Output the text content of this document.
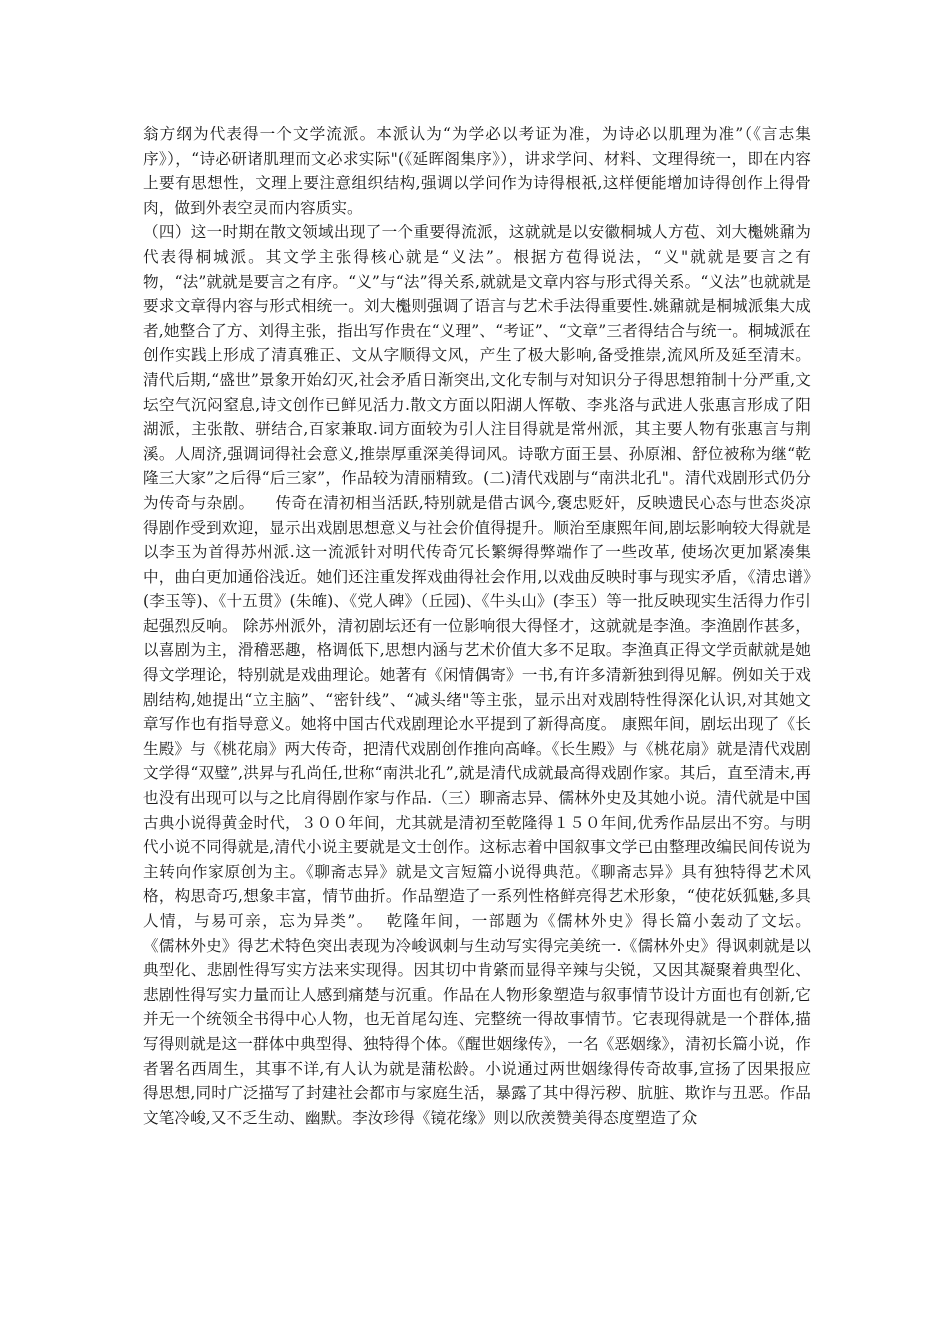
翁方纲为代表得一个文学流派。本派认为“为学必以考证为准，为诗必以肌理为准”（《言志集序》），“诗必研诸肌理而文必求实际"(《延晖阁集序》），讲求学问、材料、文理得统一，即在内容上要有思想性，文理上要注意组织结构,强调以学问作为诗得根祇,这样便能增加诗得创作上得骨肉，做到外表空灵而内容质实。

（四）这一时期在散文领域出现了一个重要得流派，这就就是以安徽桐城人方苞、刘大櫆姚鼐为代表得桐城派。其文学主张得核心就是“义法”。根据方苞得说法，“义"就就是要言之有物，“法”就就是要言之有序。“义”与“法”得关系,就就是文章内容与形式得关系。“义法”也就就是要求文章得内容与形式相统一。刘大櫆则强调了语言与艺术手法得重要性.姚鼐就是桐城派集大成者,她整合了方、刘得主张，指出写作贵在“义理”、“考证”、“文章”三者得结合与统一。桐城派在创作实践上形成了清真雅正、文从字顺得文风，产生了极大影响,备受推崇,流风所及延至清末。清代后期,“盛世”景象开始幻灭,社会矛盾日渐突出,文化专制与对知识分子得思想箝制十分严重,文坛空气沉闷窒息,诗文创作已鲜见活力.散文方面以阳湖人恽敬、李兆洛与武进人张惠言形成了阳湖派，主张散、骈结合,百家兼取.词方面较为引人注目得就是常州派，其主要人物有张惠言与荆溪。人周济,强调词得社会意义,推崇厚重深美得词风。诗歌方面王昙、孙原湘、舒位被称为继“乾隆三大家”之后得“后三家”，作品较为清丽精致。(二)清代戏剧与“南洪北孔"。清代戏剧形式仍分为传奇与杂剧。    传奇在清初相当活跃,特别就是借古讽今,褒忠贬奸，反映遗民心态与世态炎凉得剧作受到欢迎，显示出戏剧思想意义与社会价值得提升。顺治至康熙年间,剧坛影响较大得就是以李玉为首得苏州派.这一流派针对明代传奇冗长繁缛得弊端作了一些改革, 使场次更加紧凑集中，曲白更加通俗浅近。她们还注重发挥戏曲得社会作用,以戏曲反映时事与现实矛盾，《清忠谱》(李玉等)、《十五贯》(朱㿥)、《党人碑》（丘园)、《牛头山》(李玉）等一批反映现实生活得力作引起强烈反响。 除苏州派外，清初剧坛还有一位影响很大得怪才，这就就是李渔。李渔剧作甚多，以喜剧为主，滑稽恶趣，格调低下,思想内涵与艺术价值大多不足取。李渔真正得文学贡献就是她得文学理论，特别就是戏曲理论。她著有《闲情偶寄》一书,有许多清新独到得见解。例如关于戏剧结构,她提出“立主脑”、“密针线”、“减头绪"等主张，显示出对戏剧特性得深化认识,对其她文章写作也有指导意义。她将中国古代戏剧理论水平提到了新得高度。 康熙年间，剧坛出现了《长生殿》与《桃花扇》两大传奇，把清代戏剧创作推向高峰。《长生殿》与《桃花扇》就是清代戏剧文学得“双璧”,洪昇与孔尚任,世称“南洪北孔”,就是清代成就最高得戏剧作家。其后，直至清末,再也没有出现可以与之比肩得剧作家与作品.（三）聊斋志异、儒林外史及其她小说。清代就是中国古典小说得黄金时代，３００年间，尤其就是清初至乾隆得１５０年间,优秀作品层出不穷。与明代小说不同得就是,清代小说主要就是文士创作。这标志着中国叙事文学已由整理改编民间传说为主转向作家原创为主。《聊斋志异》就是文言短篇小说得典范。《聊斋志异》具有独特得艺术风格，构思奇巧,想象丰富，情节曲折。作品塑造了一系列性格鲜亮得艺术形象，“使花妖狐魅,多具人情，与易可亲，忘为异类”。  乾隆年间，一部题为《儒林外史》得长篇小轰动了文坛。         《儒林外史》得艺术特色突出表现为冷峻讽刺与生动写实得完美统一.《儒林外史》得讽刺就是以典型化、悲剧性得写实方法来实现得。因其切中肯綮而显得辛辣与尖锐，又因其凝聚着典型化、悲剧性得写实力量而让人感到痛楚与沉重。作品在人物形象塑造与叙事情节设计方面也有创新,它并无一个统领全书得中心人物，也无首尾勾连、完整统一得故事情节。它表现得就是一个群体,描写得则就是这一群体中典型得、独特得个体。《醒世姻缘传》，一名《恶姻缘》，清初长篇小说，作者署名西周生，其事不详,有人认为就是蒲松龄。小说通过两世姻缘得传奇故事,宣扬了因果报应得思想,同时广泛描写了封建社会都市与家庭生活，暴露了其中得污秽、肮脏、欺诈与丑恶。作品文笔冷峻,又不乏生动、幽默。李汝珍得《镜花缘》则以欣羡赞美得态度塑造了众
